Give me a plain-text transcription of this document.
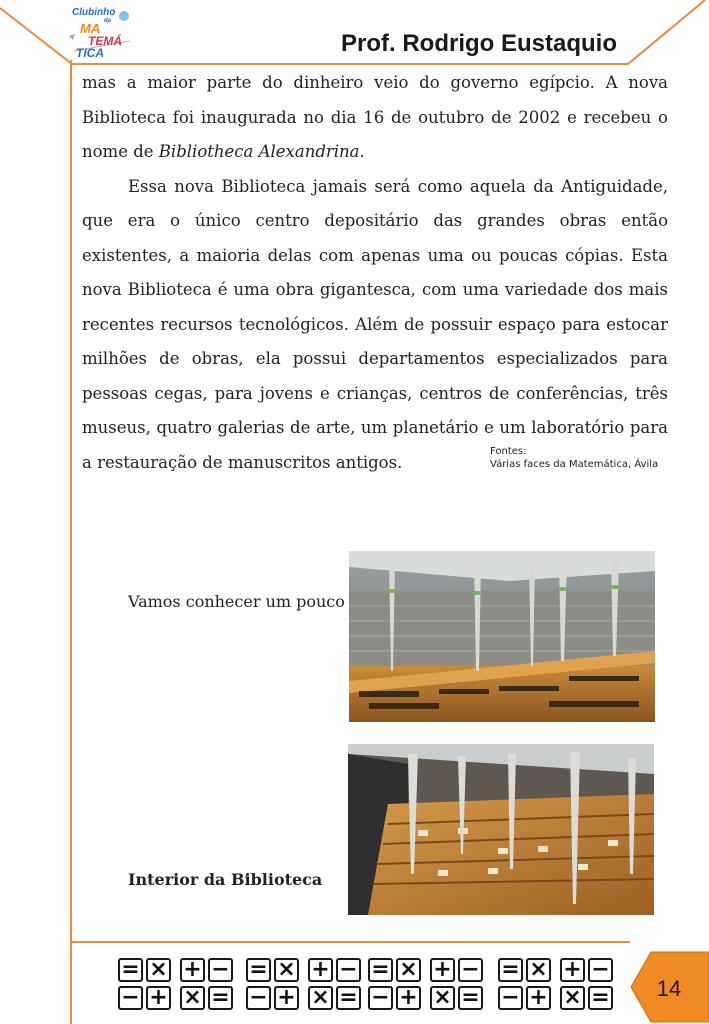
Clubinho
da
MA
TEMÁ
TICA	Prof. Rodrigo Eustaquio

mas a maior parte do dinheiro veio do governo egípcio. A nova Biblioteca foi inaugurada no dia 16 de outubro de 2002 e recebeu o nome de Bibliotheca Alexandrina.

Essa nova Biblioteca jamais será como aquela da Antiguidade, que era o único centro depositário das grandes obras então existentes, a maioria delas com apenas uma ou poucas cópias. Esta nova Biblioteca é uma obra gigantesca, com uma variedade dos mais recentes recursos tecnológicos. Além de possuir espaço para estocar milhões de obras, ela possui departamentos especializados para pessoas cegas, para jovens e crianças, centros de conferências, três museus, quatro galerias de arte, um planetário e um laboratório para a restauração de manuscritos antigos.

Fontes:
Várias faces da Matemática, Ávila
Vamos conhecer um pouco
Interior da Biblioteca
= ×
− +
+ −
× =
= ×
− +
+ −
× =
= ×
− +
+ −
× =
= ×
− +
+ −
× =	14
